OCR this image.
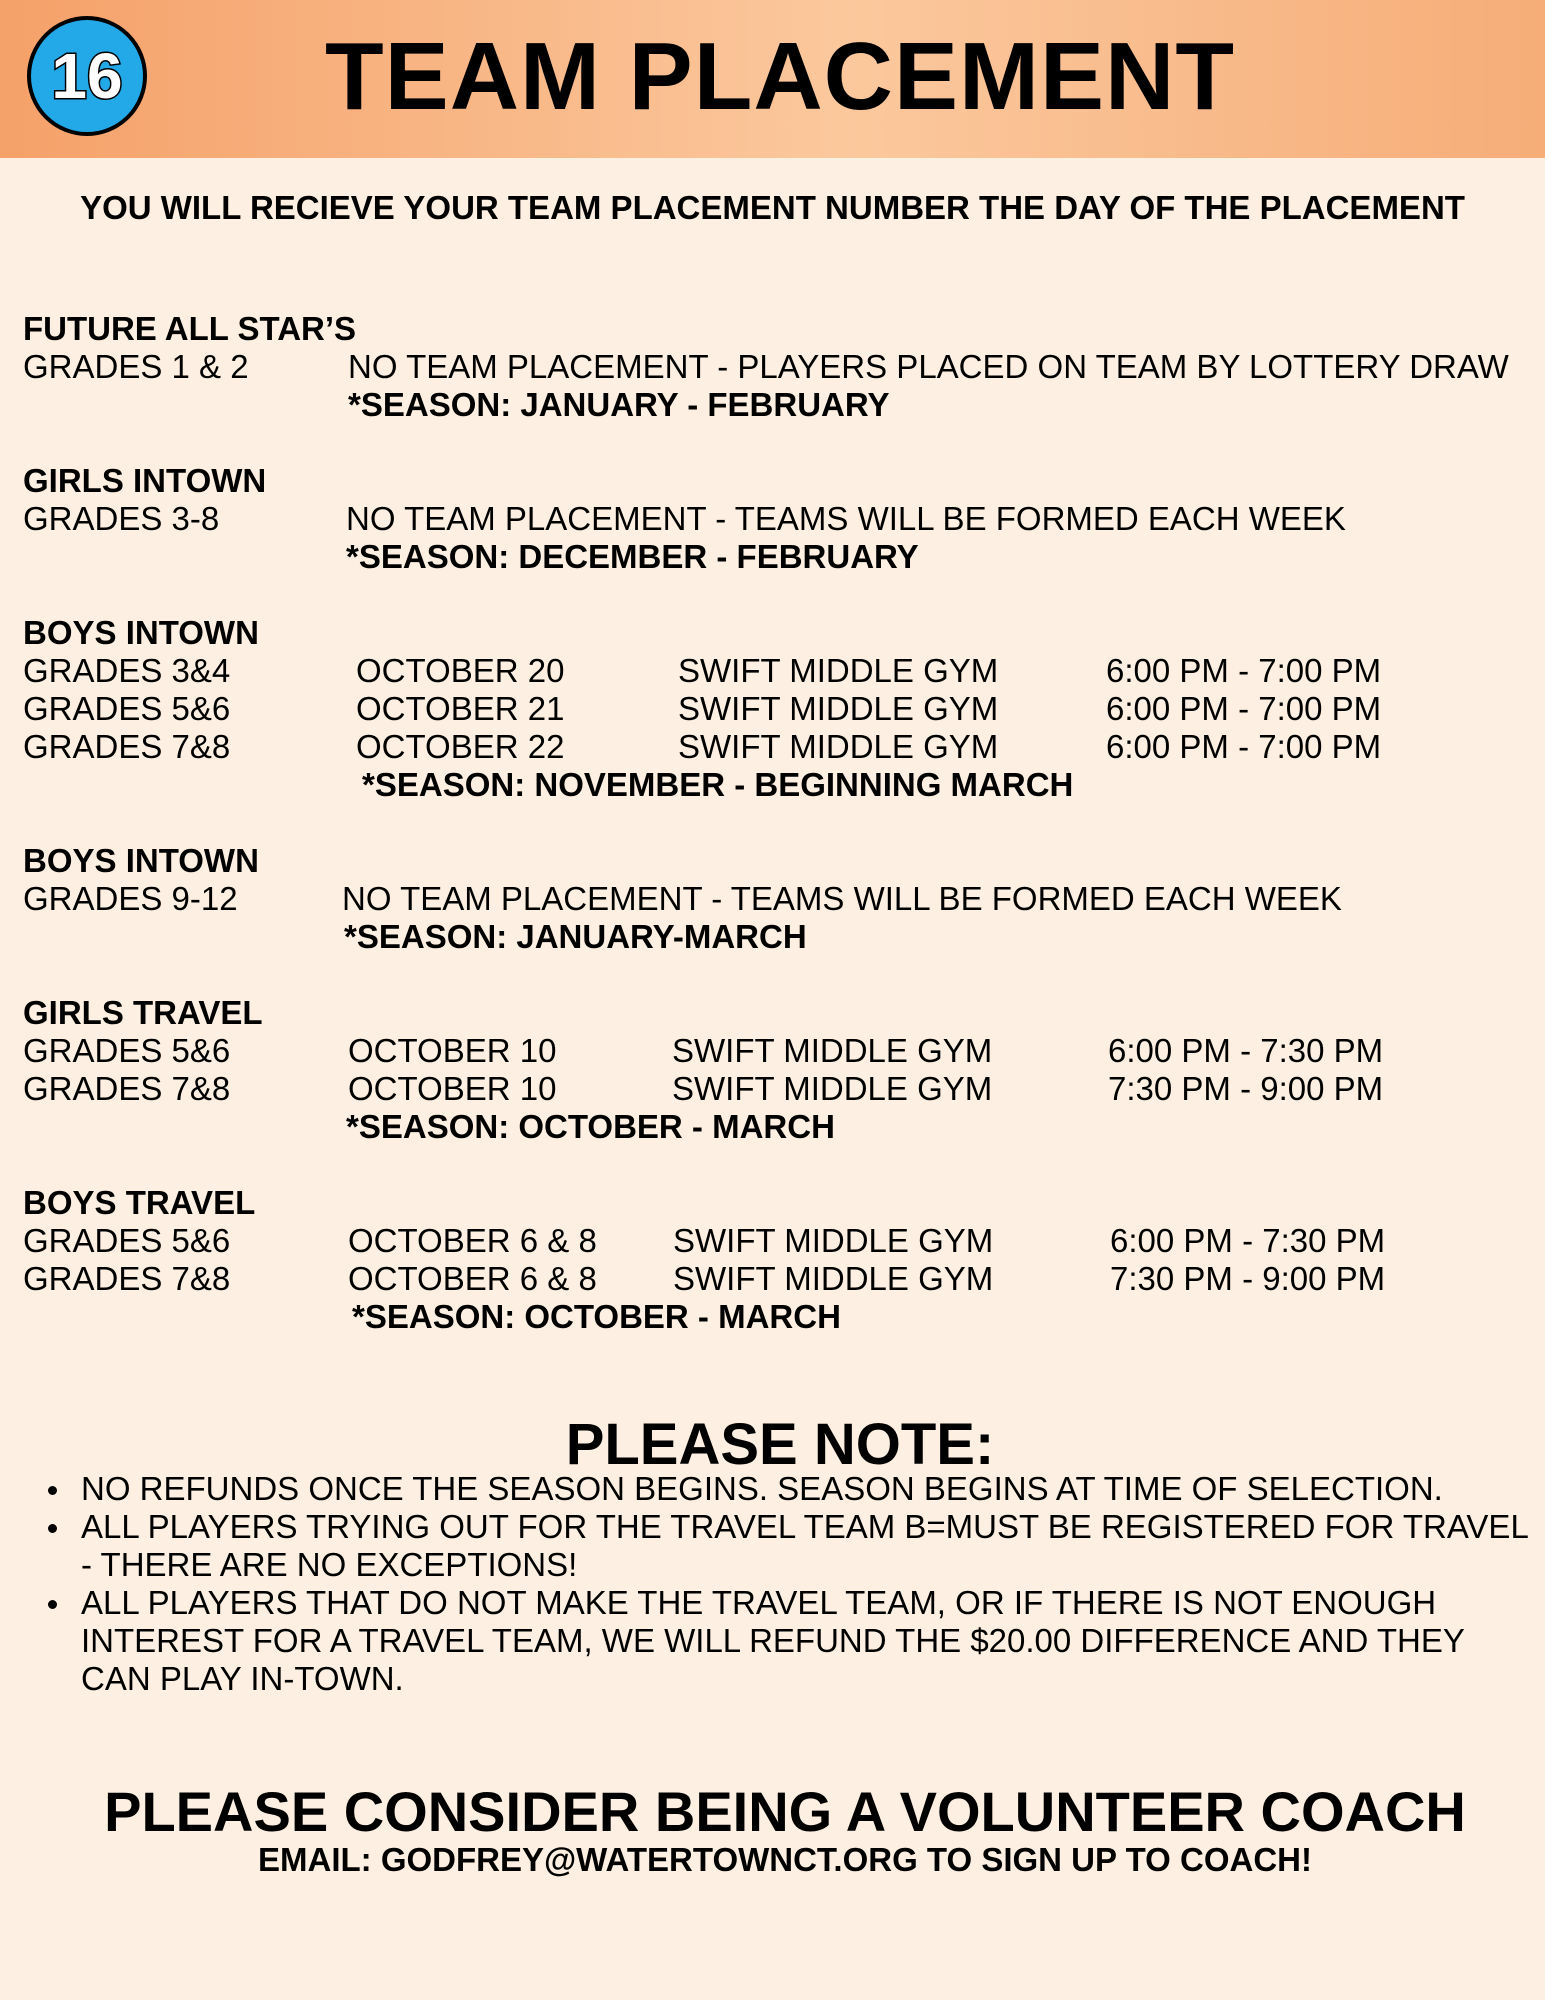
16	TEAM PLACEMENT
YOU WILL RECIEVE YOUR TEAM PLACEMENT NUMBER THE DAY OF THE PLACEMENT
FUTURE ALL STAR’S
GRADES 1 & 2	NO TEAM PLACEMENT - PLAYERS PLACED ON TEAM BY LOTTERY DRAW
*SEASON: JANUARY - FEBRUARY
GIRLS INTOWN
GRADES 3-8	NO TEAM PLACEMENT - TEAMS WILL BE FORMED EACH WEEK
*SEASON: DECEMBER - FEBRUARY
BOYS INTOWN
GRADES 3&4	OCTOBER 20	SWIFT MIDDLE GYM	6:00 PM - 7:00 PM
GRADES 5&6	OCTOBER 21	SWIFT MIDDLE GYM	6:00 PM - 7:00 PM
GRADES 7&8	OCTOBER 22	SWIFT MIDDLE GYM	6:00 PM - 7:00 PM
*SEASON: NOVEMBER - BEGINNING MARCH
BOYS INTOWN
GRADES 9-12	NO TEAM PLACEMENT - TEAMS WILL BE FORMED EACH WEEK
*SEASON: JANUARY-MARCH
GIRLS TRAVEL
GRADES 5&6	OCTOBER 10	SWIFT MIDDLE GYM	6:00 PM - 7:30 PM
GRADES 7&8	OCTOBER 10	SWIFT MIDDLE GYM	7:30 PM - 9:00 PM
*SEASON: OCTOBER - MARCH
BOYS TRAVEL
GRADES 5&6	OCTOBER 6 & 8 SWIFT MIDDLE GYM	6:00 PM - 7:30 PM
GRADES 7&8	OCTOBER 6 & 8 SWIFT MIDDLE GYM	7:30 PM - 9:00 PM
*SEASON: OCTOBER - MARCH
PLEASE NOTE:
NO REFUNDS ONCE THE SEASON BEGINS. SEASON BEGINS AT TIME OF SELECTION.
ALL PLAYERS TRYING OUT FOR THE TRAVEL TEAM B=MUST BE REGISTERED FOR TRAVEL - THERE ARE NO EXCEPTIONS!
ALL PLAYERS THAT DO NOT MAKE THE TRAVEL TEAM, OR IF THERE IS NOT ENOUGH INTEREST FOR A TRAVEL TEAM, WE WILL REFUND THE $20.00 DIFFERENCE AND THEY CAN PLAY IN-TOWN.
PLEASE CONSIDER BEING A VOLUNTEER COACH
EMAIL: GODFREY@WATERTOWNCT.ORG TO SIGN UP TO COACH!
